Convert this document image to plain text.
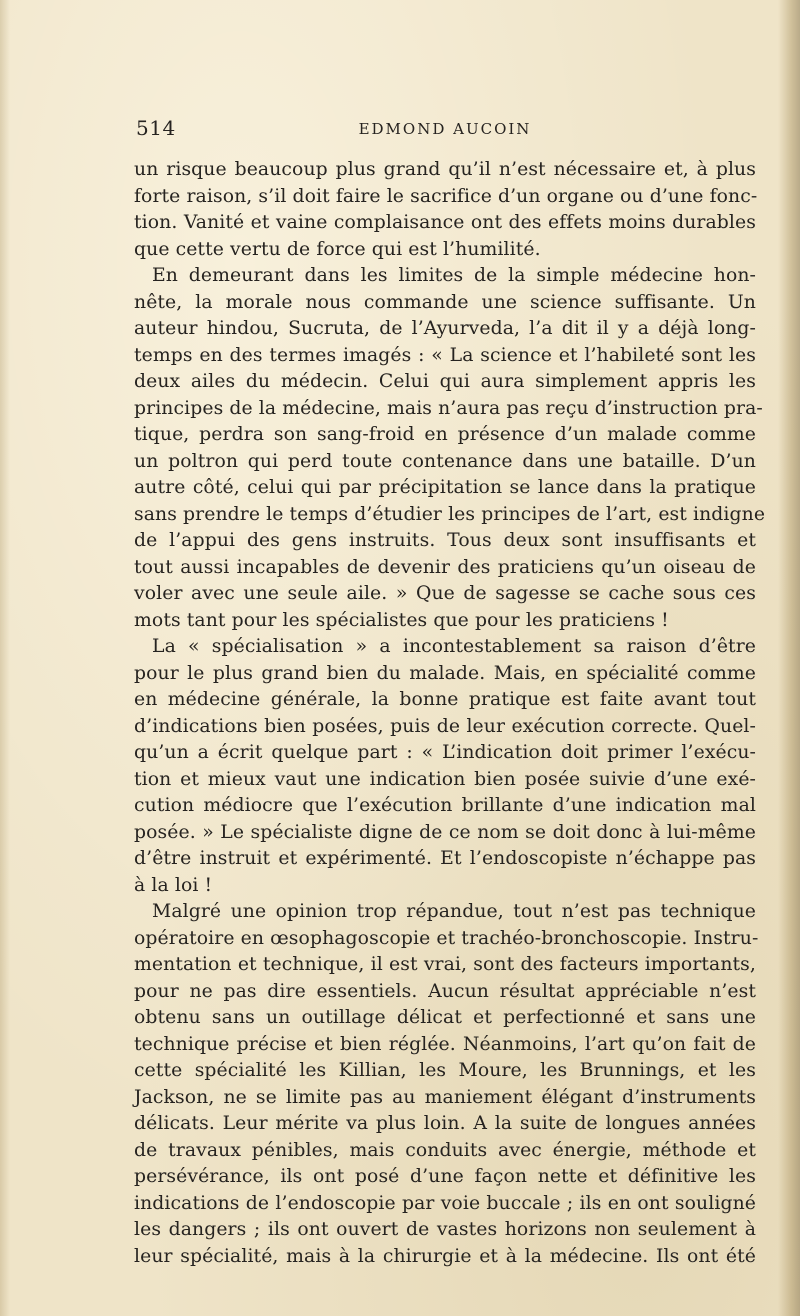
514	EDMOND AUCOIN
un risque beaucoup plus grand qu’il n’est nécessaire et, à plus
forte raison, s’il doit faire le sacrifice d’un organe ou d’une fonc-
tion. Vanité et vaine complaisance ont des effets moins durables
que cette vertu de force qui est l’humilité.
En demeurant dans les limites de la simple médecine hon-
nête, la morale nous commande une science suffisante. Un
auteur hindou, Sucruta, de l’Ayurveda, l’a dit il y a déjà long-
temps en des termes imagés : « La science et l’habileté sont les
deux ailes du médecin. Celui qui aura simplement appris les
principes de la médecine, mais n’aura pas reçu d’instruction pra-
tique, perdra son sang-froid en présence d’un malade comme
un poltron qui perd toute contenance dans une bataille. D’un
autre côté, celui qui par précipitation se lance dans la pratique
sans prendre le temps d’étudier les principes de l’art, est indigne
de l’appui des gens instruits. Tous deux sont insuffisants et
tout aussi incapables de devenir des praticiens qu’un oiseau de
voler avec une seule aile. » Que de sagesse se cache sous ces
mots tant pour les spécialistes que pour les praticiens !
La « spécialisation » a incontestablement sa raison d’être
pour le plus grand bien du malade. Mais, en spécialité comme
en médecine générale, la bonne pratique est faite avant tout
d’indications bien posées, puis de leur exécution correcte. Quel-
qu’un a écrit quelque part : « L’indication doit primer l’exécu-
tion et mieux vaut une indication bien posée suivie d’une exé-
cution médiocre que l’exécution brillante d’une indication mal
posée. » Le spécialiste digne de ce nom se doit donc à lui-même
d’être instruit et expérimenté. Et l’endoscopiste n’échappe pas
à la loi !
Malgré une opinion trop répandue, tout n’est pas technique
opératoire en œsophagoscopie et trachéo-bronchoscopie. Instru-
mentation et technique, il est vrai, sont des facteurs importants,
pour ne pas dire essentiels. Aucun résultat appréciable n’est
obtenu sans un outillage délicat et perfectionné et sans une
technique précise et bien réglée. Néanmoins, l’art qu’on fait de
cette spécialité les Killian, les Moure, les Brunnings, et les
Jackson, ne se limite pas au maniement élégant d’instruments
délicats. Leur mérite va plus loin. A la suite de longues années
de travaux pénibles, mais conduits avec énergie, méthode et
persévérance, ils ont posé d’une façon nette et définitive les
indications de l’endoscopie par voie buccale ; ils en ont souligné
les dangers ; ils ont ouvert de vastes horizons non seulement à
leur spécialité, mais à la chirurgie et à la médecine. Ils ont été
